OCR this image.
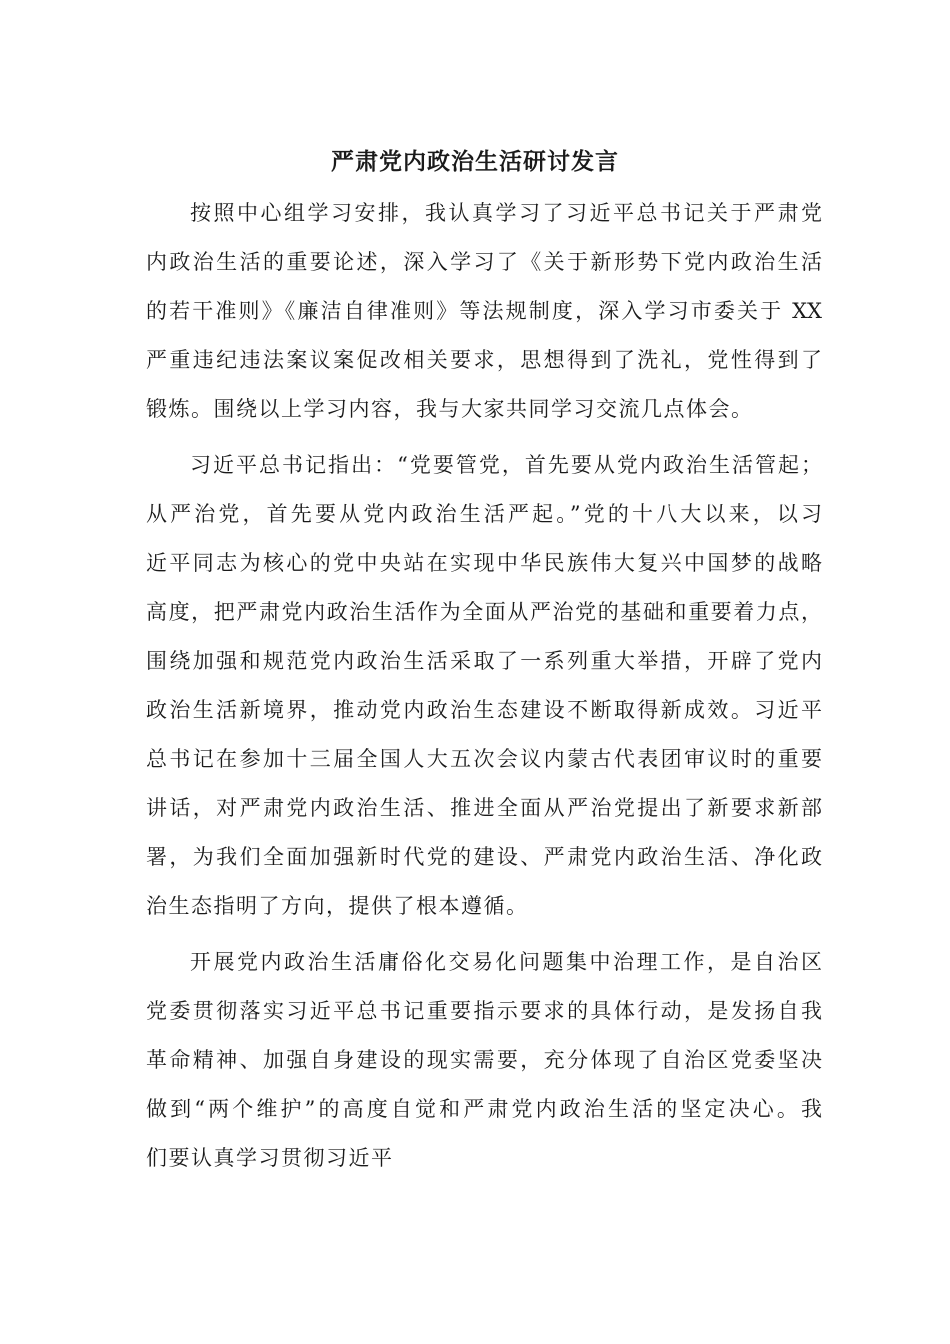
严肃党内政治生活研讨发言
按照中心组学习安排，我认真学习了习近平总书记关于严肃党
内政治生活的重要论述，深入学习了《关于新形势下党内政治生活
的若干准则》《廉洁自律准则》等法规制度，深入学习市委关于 XX
严重违纪违法案议案促改相关要求，思想得到了洗礼，党性得到了
锻炼。围绕以上学习内容，我与大家共同学习交流几点体会。
习近平总书记指出：“党要管党，首先要从党内政治生活管起；
从严治党，首先要从党内政治生活严起。”党的十八大以来，以习
近平同志为核心的党中央站在实现中华民族伟大复兴中国梦的战略
高度，把严肃党内政治生活作为全面从严治党的基础和重要着力点，
围绕加强和规范党内政治生活采取了一系列重大举措，开辟了党内
政治生活新境界，推动党内政治生态建设不断取得新成效。习近平
总书记在参加十三届全国人大五次会议内蒙古代表团审议时的重要
讲话，对严肃党内政治生活、推进全面从严治党提出了新要求新部
署，为我们全面加强新时代党的建设、严肃党内政治生活、净化政
治生态指明了方向，提供了根本遵循。
开展党内政治生活庸俗化交易化问题集中治理工作，是自治区
党委贯彻落实习近平总书记重要指示要求的具体行动，是发扬自我
革命精神、加强自身建设的现实需要，充分体现了自治区党委坚决
做到“两个维护”的高度自觉和严肃党内政治生活的坚定决心。我
们要认真学习贯彻习近平
